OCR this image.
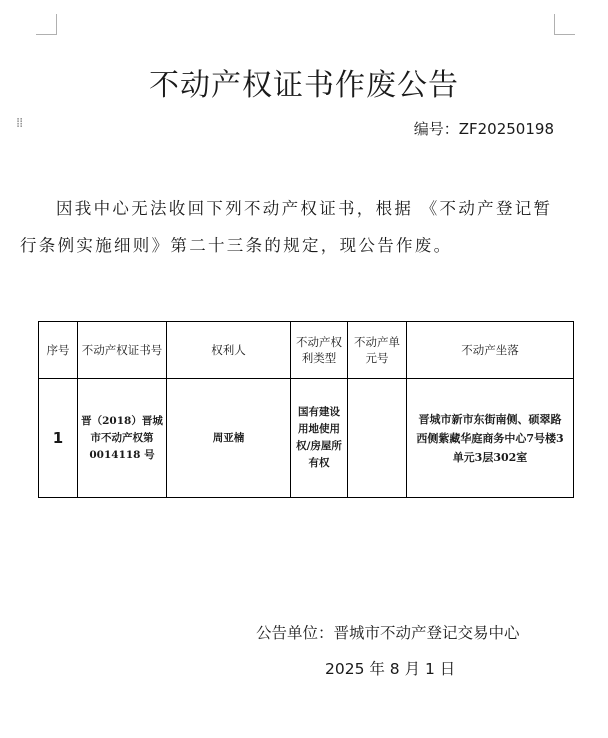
⁞⁞
不动产权证书作废公告
编号：ZF20250198
因我中心无法收回下列不动产权证书，根据 《不动产登记暂行条例实施细则》第二十三条的规定，现公告作废。
序号	不动产权证书号	权利人	不动产权利类型	不动产单元号	不动产坐落
1	晋（2018）晋城市不动产权第 0014118 号	周亚楠	国有建设用地使用权/房屋所有权		晋城市新市东街南侧、硕翠路西侧紫藏华庭商务中心7号楼3单元3层302室
公告单位：晋城市不动产登记交易中心
2025 年 8 月 1 日
